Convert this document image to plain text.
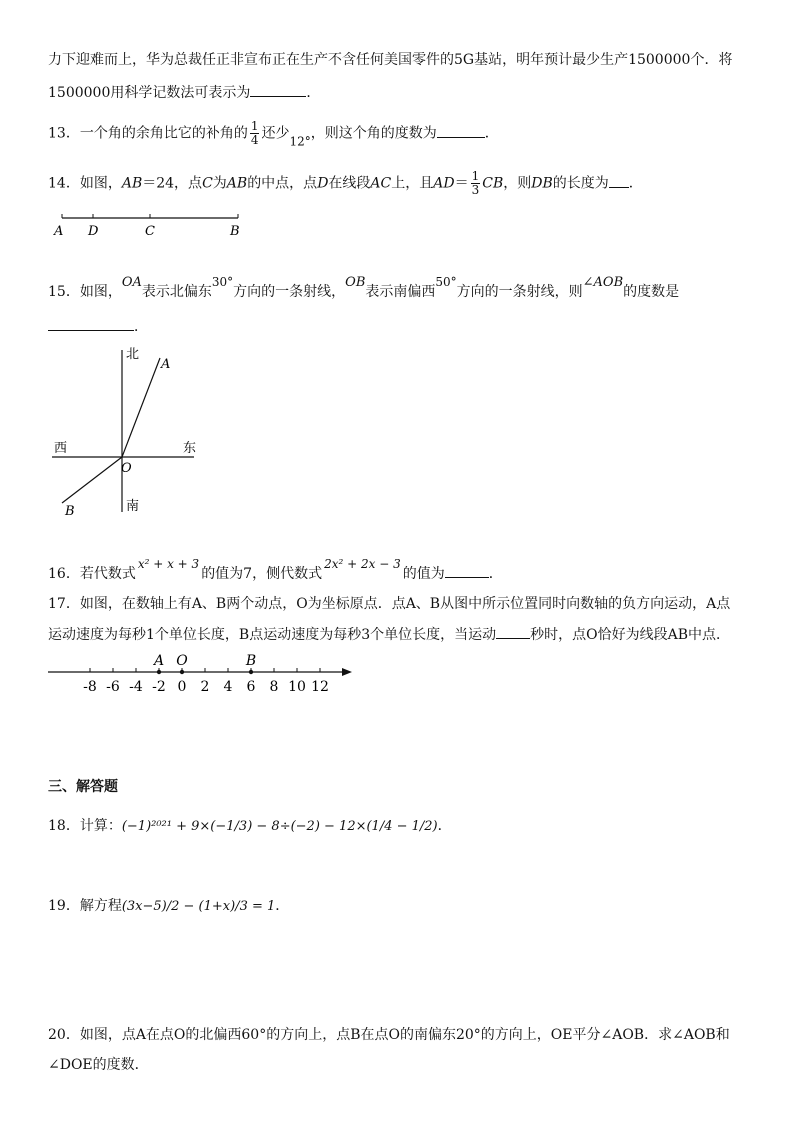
力下迎难而上，华为总裁任正非宣布正在生产不含任何美国零件的5G基站，明年预计最少生产1500000个．将
1500000用科学记数法可表示为	．
13．一个角的余角比它的补角的 $\frac{1}{4}$ 还少12°，则这个角的度数为	．
14．如图，AB＝24，点C为AB的中点，点D在线段AC上，且$AD= \frac{1}{3}$ CB，则DB的长度为 ．
A D	C	B
15．如图，OA表示北偏东30°方向的一条射线，OB表示南偏西50°方向的一条射线，则∠AOB的度数是
．
北
A
西	东
O
南
B
16．若代数式x² + x + 3的值为7，侧代数式2x² + 2x − 3的值为	．
17．如图，在数轴上有A、B两个动点，O为坐标原点．点A、B从图中所示位置同时向数轴的负方向运动，A点
运动速度为每秒1个单位长度，B点运动速度为每秒3个单位长度，当运动 秒时，点O恰好为线段AB中点．
-8 -6 -4 -2 0 2 4 6 8 10 12
A O	B
三、解答题
18．计算：(−1)²⁰²¹ + 9×(−1/3) − 8÷(−2) − 12×(1/4 − 1/2)．
19．解方程(3x−5)/2 − (1+x)/3 = 1．
20．如图，点A在点O的北偏西60°的方向上，点B在点O的南偏东20°的方向上，OE平分∠AOB．求∠AOB和
∠DOE的度数．
